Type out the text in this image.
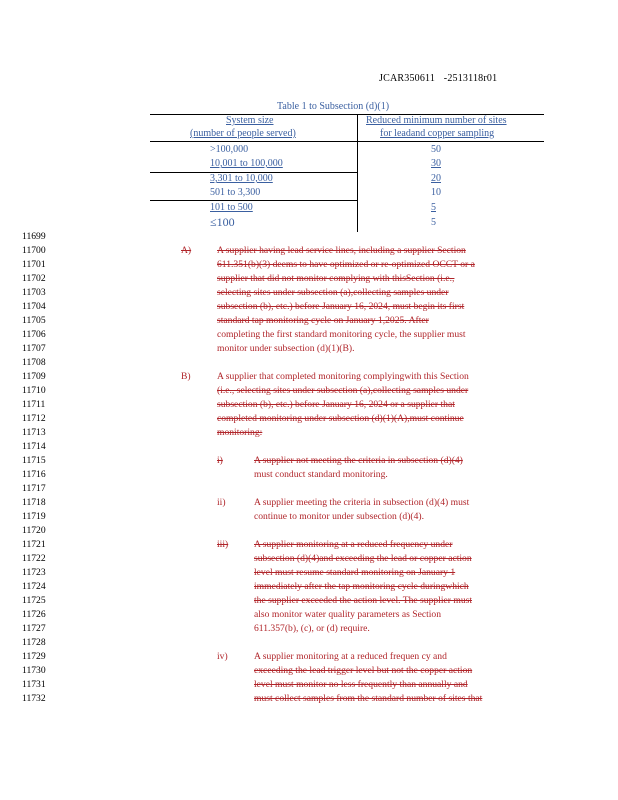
JCAR350611 -2513118r01
Table 1 to Subsection (d)(1)
System size
(number of people served)
Reduced minimum number of sites
for leadand copper sampling
>100,000	50
10,001 to 100,000	30
3,301 to 10,000	20
501 to 3,300	10
101 to 500	5
≤100	5
11699
11700
11701
11702
11703
11704
11705
11706
11707
11708
11709
11710
11711
11712
11713
11714
11715
11716
11717
11718
11719
11720
11721
11722
11723
11724
11725
11726
11727
11728
11729
11730
11731
11732
A)	A supplier having lead service lines, including a supplier Section
611.351(b)(3) deems to have optimized or re-optimized OCCT or a
supplier that did not monitor complying with thisSection (i.e.,
selecting sites under subsection (a),collecting samples under
subsection (b), etc.) before January 16, 2024, must begin its first
standard tap monitoring cycle on January 1,2025. After
completing the first standard monitoring cycle, the supplier must
monitor under subsection (d)(1)(B).
B)	A supplier that completed monitoring complyingwith this Section
(i.e., selecting sites under subsection (a),collecting samples under
subsection (b), etc.) before January 16, 2024 or a supplier that
completed monitoring under subsection (d)(1)(A),must continue
monitoring:
i)	A supplier not meeting the criteria in subsection (d)(4)
must conduct standard monitoring.
ii)	A supplier meeting the criteria in subsection (d)(4) must
continue to monitor under subsection (d)(4).
iii)	A supplier monitoring at a reduced frequency under
subsection (d)(4)and exceeding the lead or copper action
level must resume standard monitoring on January 1
immediately after the tap monitoring cycle duringwhich
the supplier exceeded the action level. The supplier must
also monitor water quality parameters as Section
611.357(b), (c), or (d) require.
iv)	A supplier monitoring at a reduced frequen cy and
exceeding the lead trigger level but not the copper action
level must monitor no less frequently than annually and
must collect samples from the standard number of sites that
